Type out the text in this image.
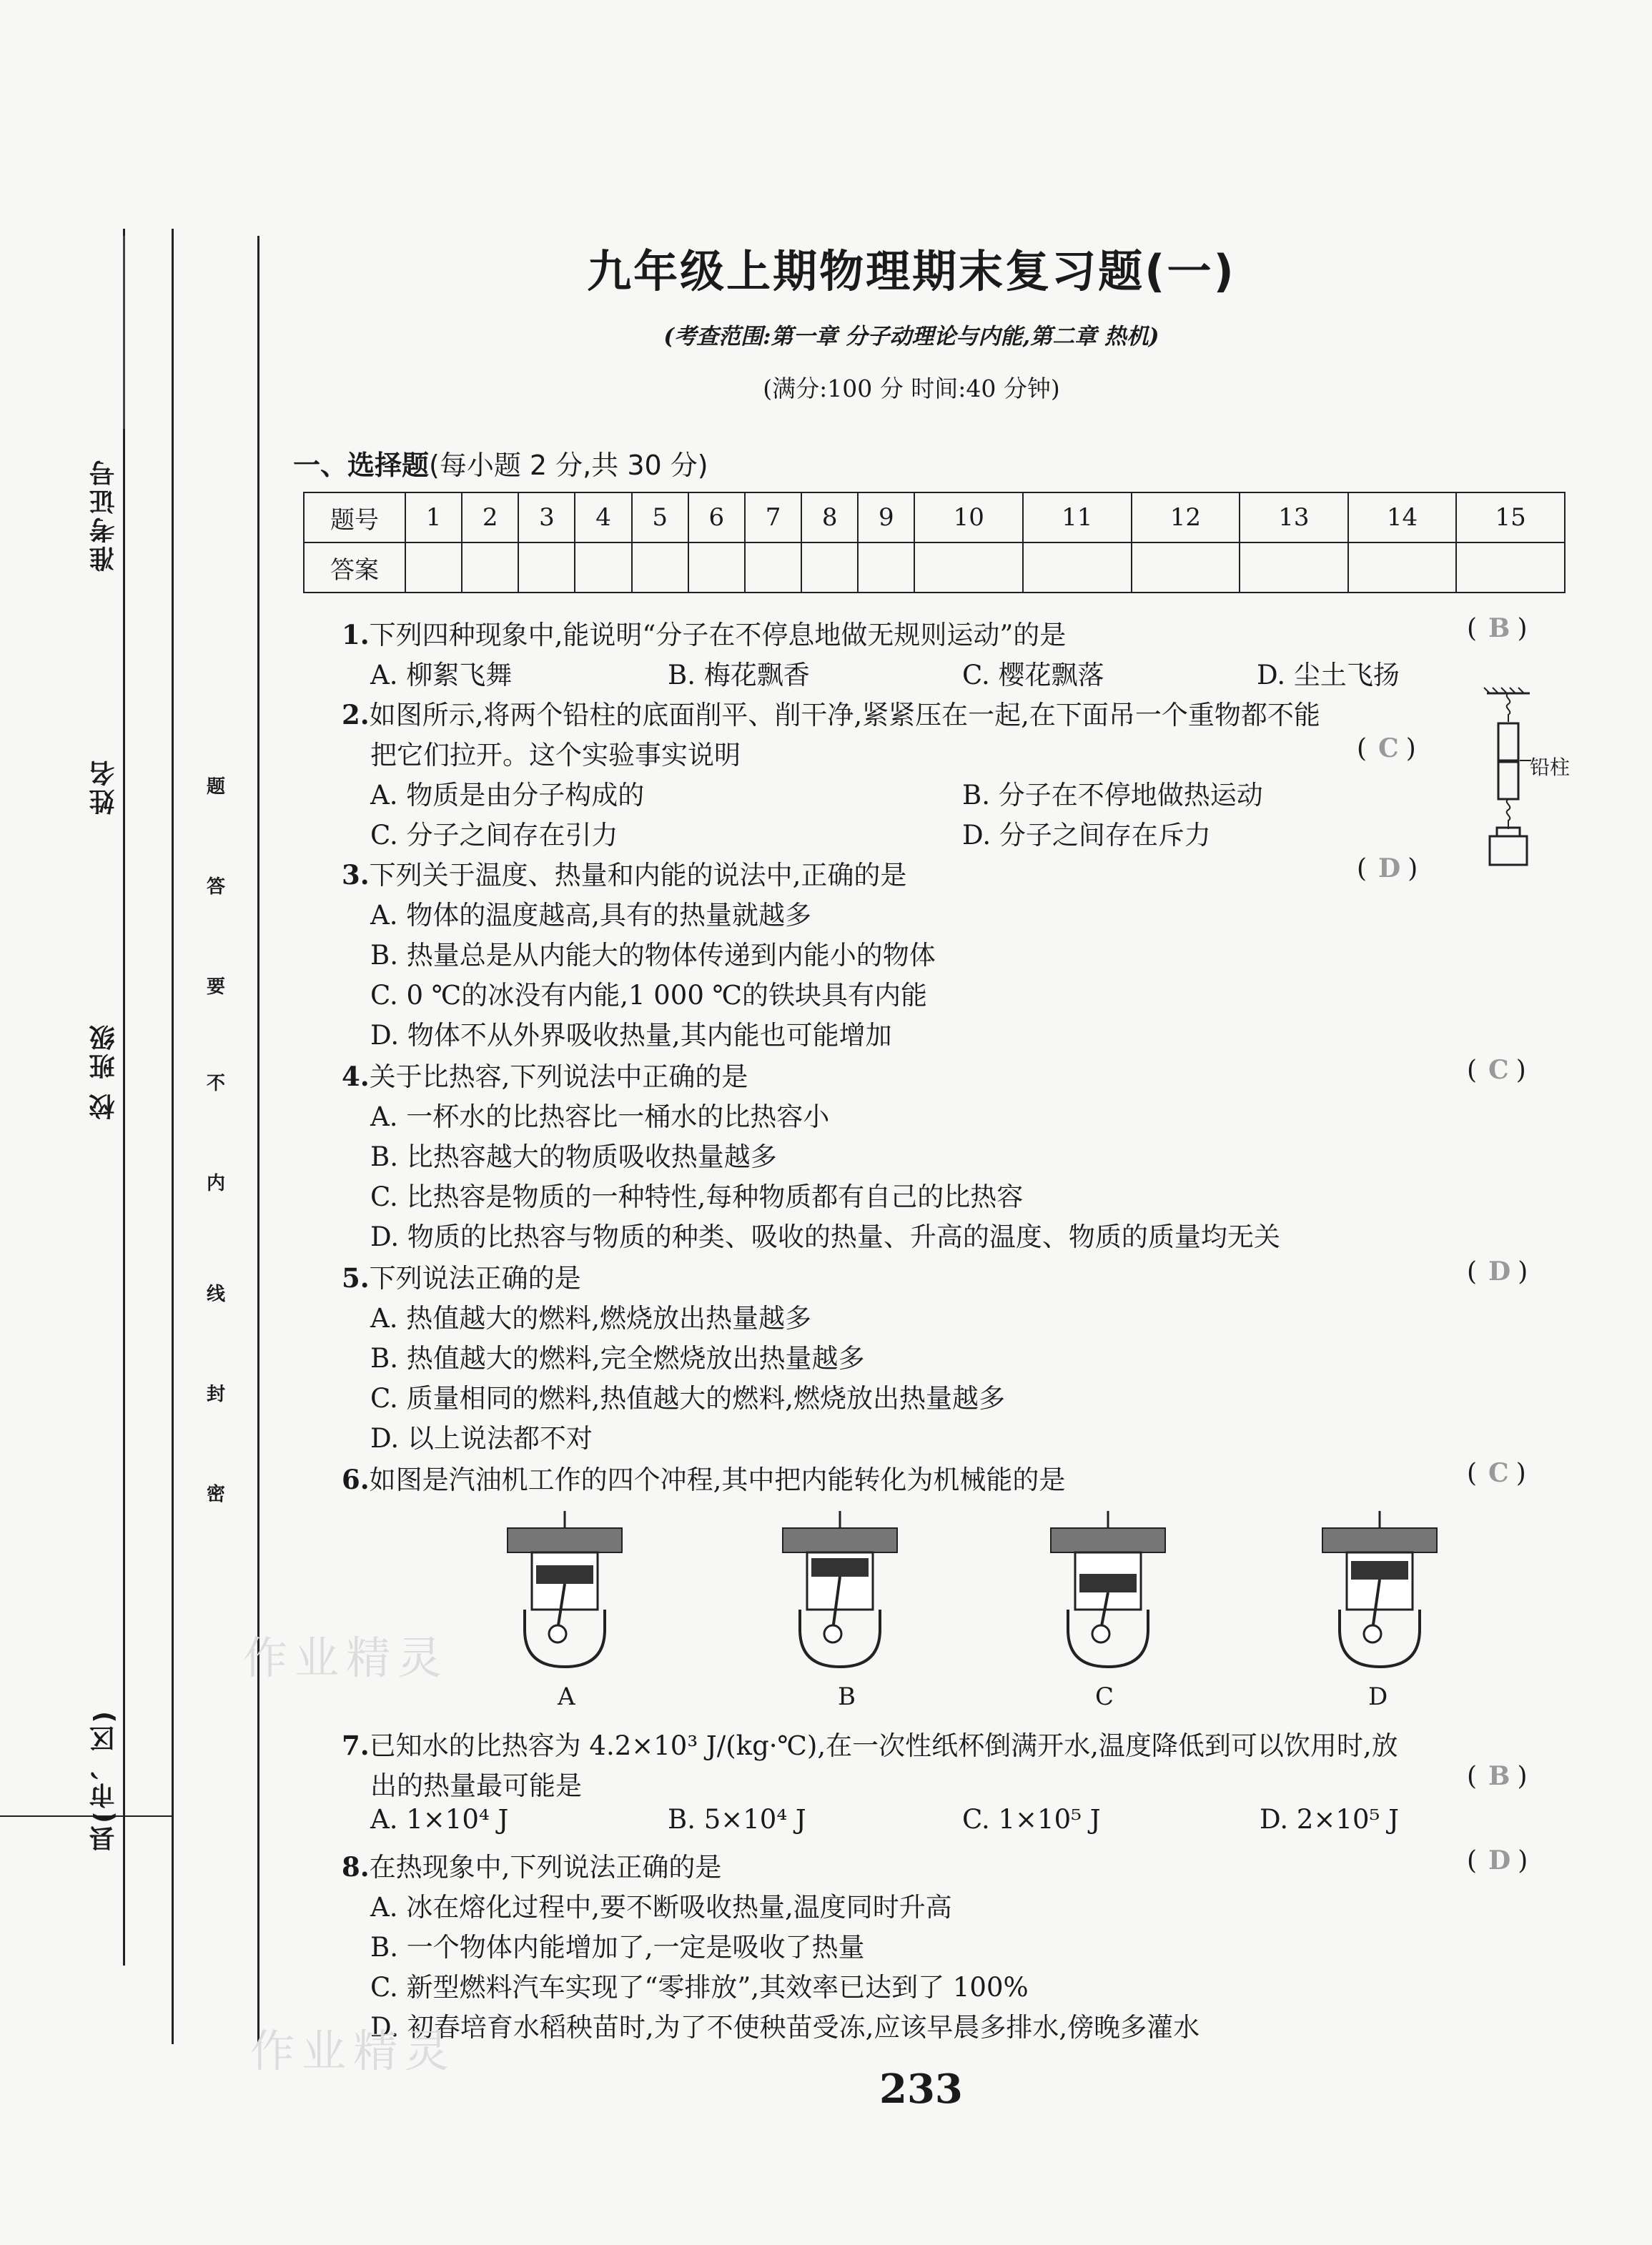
准考证号
姓名
校 班级
县(市、区)
题
答
要
不
内
线
封
密
九年级上期物理期末复习题(一)
(考查范围:第一章 分子动理论与内能,第二章 热机)
(满分:100 分 时间:40 分钟)
一、选择题(每小题 2 分,共 30 分)
题号	1	2	3	4	5	6	7	8	9	10	11	12	13	14	15
答案															
1.下列四种现象中,能说明“分子在不停息地做无规则运动”的是	( B )
A. 柳絮飞舞	B. 梅花飘香	C. 樱花飘落	D. 尘土飞扬
2.如图所示,将两个铅柱的底面削平、削干净,紧紧压在一起,在下面吊一个重物都不能
把它们拉开。这个实验事实说明	( C )
A. 物质是由分子构成的	B. 分子在不停地做热运动
C. 分子之间存在引力	D. 分子之间存在斥力
铅柱
3.下列关于温度、热量和内能的说法中,正确的是	( D )
A. 物体的温度越高,具有的热量就越多
B. 热量总是从内能大的物体传递到内能小的物体
C. 0 ℃的冰没有内能,1 000 ℃的铁块具有内能
D. 物体不从外界吸收热量,其内能也可能增加
4.关于比热容,下列说法中正确的是	( C )
A. 一杯水的比热容比一桶水的比热容小
B. 比热容越大的物质吸收热量越多
C. 比热容是物质的一种特性,每种物质都有自己的比热容
D. 物质的比热容与物质的种类、吸收的热量、升高的温度、物质的质量均无关
5.下列说法正确的是	( D )
A. 热值越大的燃料,燃烧放出热量越多
B. 热值越大的燃料,完全燃烧放出热量越多
C. 质量相同的燃料,热值越大的燃料,燃烧放出热量越多
D. 以上说法都不对
6.如图是汽油机工作的四个冲程,其中把内能转化为机械能的是	( C )
A	B	C	D
7.已知水的比热容为 4.2×10³ J/(kg·℃),在一次性纸杯倒满开水,温度降低到可以饮用时,放
出的热量最可能是	( B )
A. 1×10⁴ J	B. 5×10⁴ J	C. 1×10⁵ J	D. 2×10⁵ J
8.在热现象中,下列说法正确的是	( D )
A. 冰在熔化过程中,要不断吸收热量,温度同时升高
B. 一个物体内能增加了,一定是吸收了热量
C. 新型燃料汽车实现了“零排放”,其效率已达到了 100%
D. 初春培育水稻秧苗时,为了不使秧苗受冻,应该早晨多排水,傍晚多灌水
作业精灵
作业精灵
233
